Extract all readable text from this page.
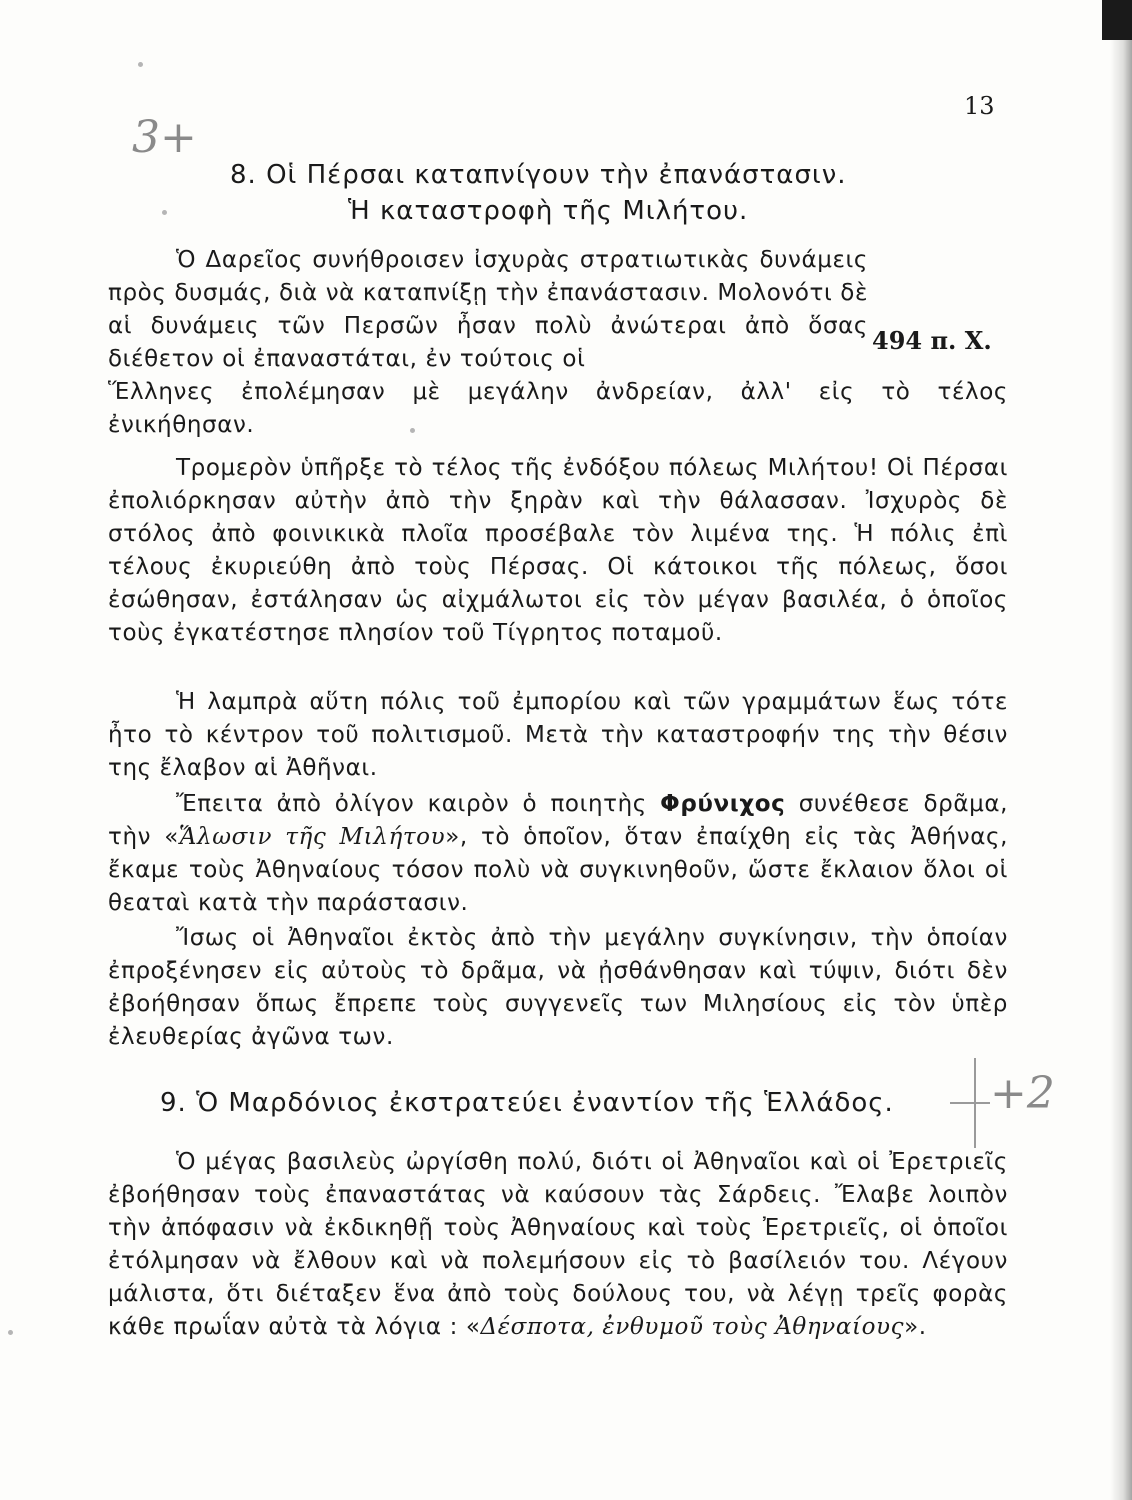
13
3+
+2
8. Οἱ Πέρσαι καταπνίγουν τὴν ἐπανάστασιν.
Ἡ καταστροφὴ τῆς Μιλήτου.
Ὁ Δαρεῖος συνήθροισεν ἰσχυρὰς στρατιωτικὰς δυνάμεις πρὸς δυσμάς, διὰ νὰ καταπνίξῃ τὴν ἐπανάστασιν. Μολονότι δὲ αἱ δυνάμεις τῶν Περσῶν ἦσαν πολὺ ἀνώτεραι ἀπὸ ὅσας διέθετον οἱ ἐπαναστάται, ἐν τούτοις οἱ
494 π. Χ.
Ἕλληνες ἐπολέμησαν μὲ μεγάλην ἀνδρείαν, ἀλλ' εἰς τὸ τέλος ἐνικήθησαν.
Τρομερὸν ὑπῆρξε τὸ τέλος τῆς ἐνδόξου πόλεως Μιλήτου! Οἱ Πέρσαι ἐπολιόρκησαν αὐτὴν ἀπὸ τὴν ξηρὰν καὶ τὴν θάλασσαν. Ἰσχυρὸς δὲ στόλος ἀπὸ φοινικικὰ πλοῖα προσέβαλε τὸν λιμένα της. Ἡ πόλις ἐπὶ τέλους ἐκυριεύθη ἀπὸ τοὺς Πέρσας. Οἱ κάτοικοι τῆς πόλεως, ὅσοι ἐσώθησαν, ἐστάλησαν ὡς αἰχμάλωτοι εἰς τὸν μέγαν βασιλέα, ὁ ὁποῖος τοὺς ἐγκατέστησε πλησίον τοῦ Τίγρητος ποταμοῦ.
Ἡ λαμπρὰ αὕτη πόλις τοῦ ἐμπορίου καὶ τῶν γραμμάτων ἕως τότε ἦτο τὸ κέντρον τοῦ πολιτισμοῦ. Μετὰ τὴν καταστροφήν της τὴν θέσιν της ἔλαβον αἱ Ἀθῆναι.
Ἔπειτα ἀπὸ ὀλίγον καιρὸν ὁ ποιητὴς Φρύνιχος συνέθεσε δρᾶμα, τὴν «Ἅλωσιν τῆς Μιλήτου», τὸ ὁποῖον, ὅταν ἐπαίχθη εἰς τὰς Ἀθήνας, ἔκαμε τοὺς Ἀθηναίους τόσον πολὺ νὰ συγκινηθοῦν, ὥστε ἔκλαιον ὅλοι οἱ θεαταὶ κατὰ τὴν παράστασιν.
Ἴσως οἱ Ἀθηναῖοι ἐκτὸς ἀπὸ τὴν μεγάλην συγκίνησιν, τὴν ὁποίαν ἐπροξένησεν εἰς αὐτοὺς τὸ δρᾶμα, νὰ ᾐσθάνθησαν καὶ τύψιν, διότι δὲν ἐβοήθησαν ὅπως ἔπρεπε τοὺς συγγενεῖς των Μιλησίους εἰς τὸν ὑπὲρ ἐλευθερίας ἀγῶνα των.
9. Ὁ Μαρδόνιος ἐκστρατεύει ἐναντίον τῆς Ἑλλάδος.
Ὁ μέγας βασιλεὺς ὠργίσθη πολύ, διότι οἱ Ἀθηναῖοι καὶ οἱ Ἐρετριεῖς ἐβοήθησαν τοὺς ἐπαναστάτας νὰ καύσουν τὰς Σάρδεις. Ἔλαβε λοιπὸν τὴν ἀπόφασιν νὰ ἐκδικηθῇ τοὺς Ἀθηναίους καὶ τοὺς Ἐρετριεῖς, οἱ ὁποῖοι ἐτόλμησαν νὰ ἔλθουν καὶ νὰ πολεμήσουν εἰς τὸ βασίλειόν του. Λέγουν μάλιστα, ὅτι διέταξεν ἕνα ἀπὸ τοὺς δούλους του, νὰ λέγῃ τρεῖς φορὰς κάθε πρωΐαν αὐτὰ τὰ λόγια : «Δέσποτα, ἐνθυμοῦ τοὺς Ἀθηναίους».
